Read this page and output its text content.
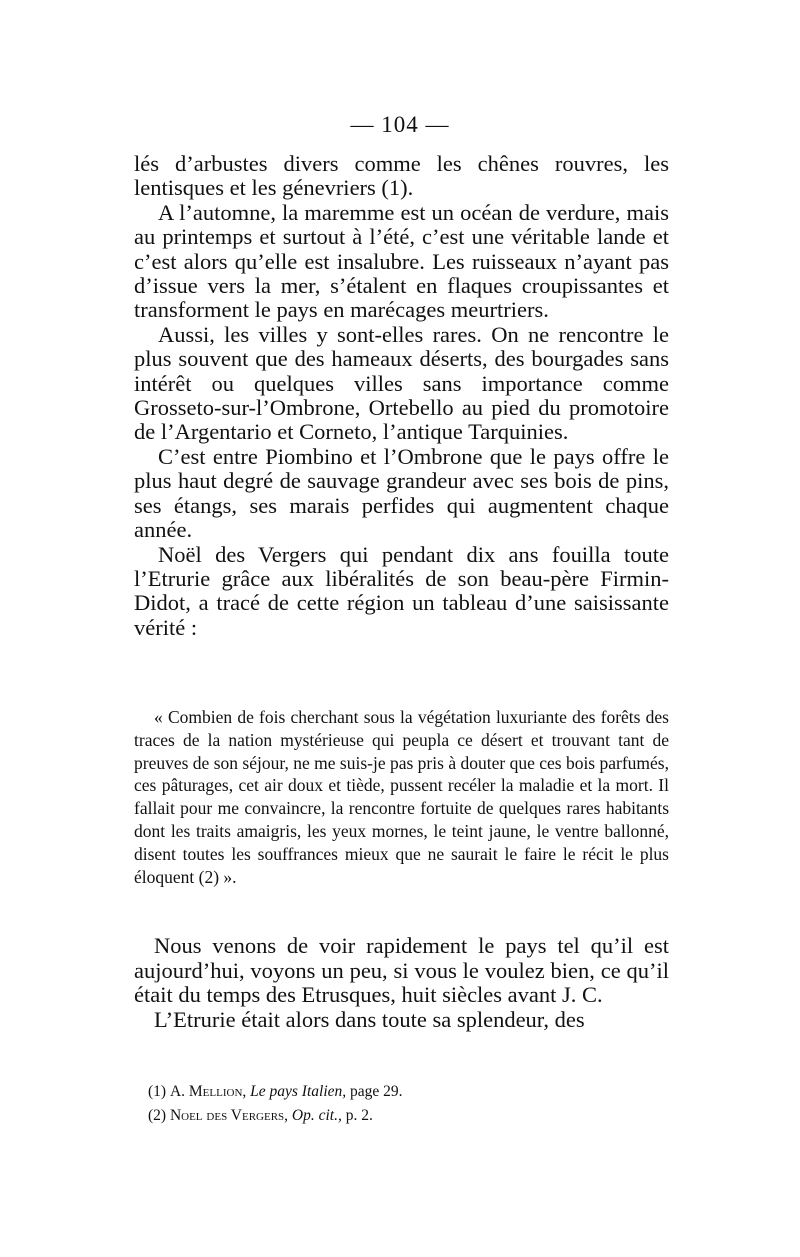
— 104 —

lés d’arbustes divers comme les chênes rouvres, les lentisques et les génevriers (1).

A l’automne, la maremme est un océan de verdure, mais au printemps et surtout à l’été, c’est une véritable lande et c’est alors qu’elle est insalubre. Les ruisseaux n’ayant pas d’issue vers la mer, s’étalent en flaques croupissantes et transforment le pays en marécages meurtriers.

Aussi, les villes y sont-elles rares. On ne rencontre le plus souvent que des hameaux déserts, des bourgades sans intérêt ou quelques villes sans importance comme Grosseto-sur-l’Ombrone, Ortebello au pied du promotoire de l’Argentario et Corneto, l’antique Tarquinies.

C’est entre Piombino et l’Ombrone que le pays offre le plus haut degré de sauvage grandeur avec ses bois de pins, ses étangs, ses marais perfides qui augmentent chaque année.

Noël des Vergers qui pendant dix ans fouilla toute l’Etrurie grâce aux libéralités de son beau-père Firmin-Didot, a tracé de cette région un tableau d’une saisissante vérité :

« Combien de fois cherchant sous la végétation luxuriante des forêts des traces de la nation mystérieuse qui peupla ce désert et trouvant tant de preuves de son séjour, ne me suis-je pas pris à douter que ces bois parfumés, ces pâturages, cet air doux et tiède, pussent recéler la maladie et la mort. Il fallait pour me convaincre, la rencontre fortuite de quelques rares habitants dont les traits amaigris, les yeux mornes, le teint jaune, le ventre ballonné, disent toutes les souffrances mieux que ne saurait le faire le récit le plus éloquent (2) ».

Nous venons de voir rapidement le pays tel qu’il est aujourd’hui, voyons un peu, si vous le voulez bien, ce qu’il était du temps des Etrusques, huit siècles avant J. C.

L’Etrurie était alors dans toute sa splendeur, des

(1) A. Mellion, Le pays Italien, page 29.
(2) Noel des Vergers, Op. cit., p. 2.
